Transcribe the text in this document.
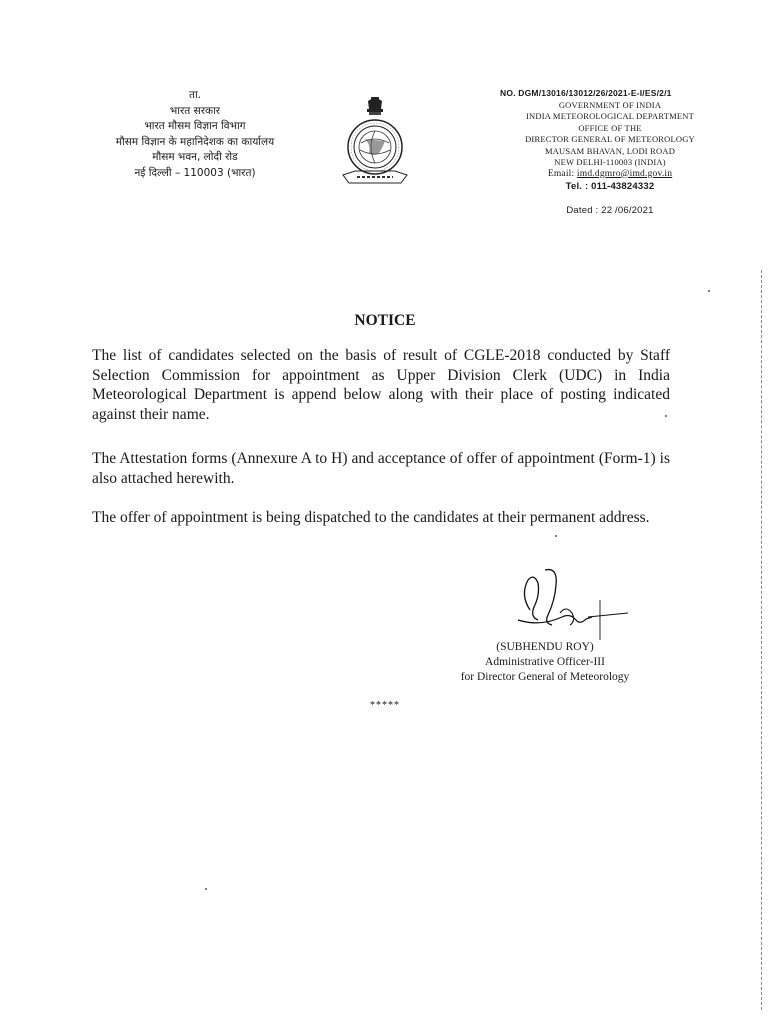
ता.
भारत सरकार
भारत मौसम विज्ञान विभाग
मौसम विज्ञान के महानिदेशक का कार्यालय
मौसम भवन, लोदी रोड
नई दिल्ली – 110003 (भारत)
NO. DGM/13016/13012/26/2021-E-I/ES/2/1
GOVERNMENT OF INDIA
INDIA METEOROLOGICAL DEPARTMENT
OFFICE OF THE
DIRECTOR GENERAL OF METEOROLOGY
MAUSAM BHAVAN, LODI ROAD
NEW DELHI-110003 (INDIA)
Email: imd.dgmro@imd.gov.in
Tel. : 011-43824332
Dated : 22 /06/2021
NOTICE
The list of candidates selected on the basis of result of CGLE-2018 conducted by Staff Selection Commission for appointment as Upper Division Clerk (UDC) in India Meteorological Department is append below along with their place of posting indicated against their name.
The Attestation forms (Annexure A to H) and acceptance of offer of appointment (Form-1) is also attached herewith.
The offer of appointment is being dispatched to the candidates at their permanent address.
(SUBHENDU ROY)
Administrative Officer-III
for Director General of Meteorology
*****
